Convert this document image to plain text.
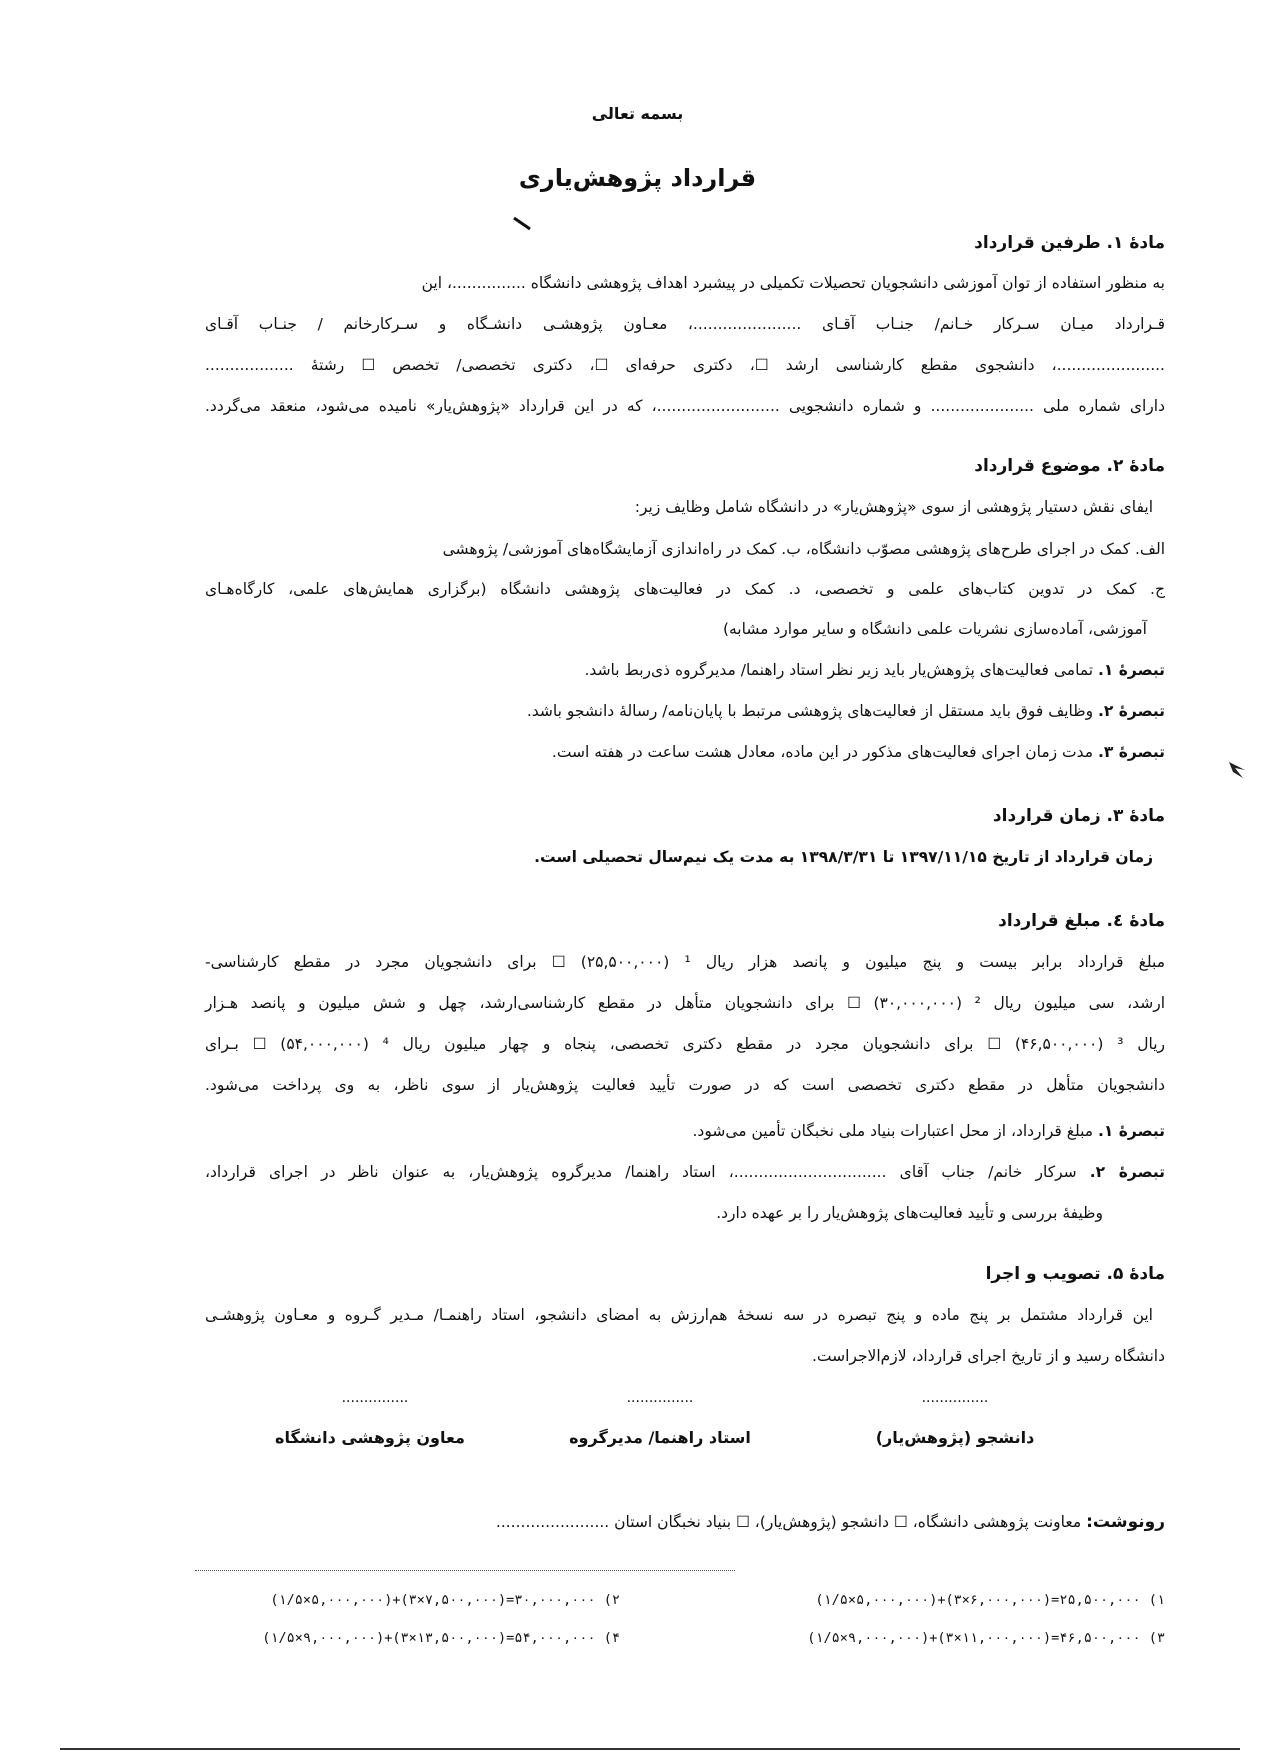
بسمه تعالی

قرارداد پژوهش‌یاری

مادهٔ ۱. طرفین قرارداد

به منظور استفاده از توان آموزشی دانشجویان تحصیلات تکمیلی در پیشبرد اهداف پژوهشی دانشگاه ...............، این

قـرارداد میـان سـرکار خـانم/ جنـاب آقـای ......................، معـاون پژوهشـی دانشـگاه و سـرکارخانم / جنـاب آقـای

......................، دانشجوی مقطع کارشناسی ارشد ☐، دکتری حرفه‌ای ☐، دکتری تخصصی/ تخصص ☐ رشتهٔ ..................

دارای شماره ملی ..................... و شماره دانشجویی .........................، که در این قرارداد «پژوهش‌یار» نامیده می‌شود، منعقد می‌گردد.

مادهٔ ۲. موضوع قرارداد

ایفای نقش دستیار پژوهشی از سوی «پژوهش‌یار» در دانشگاه شامل وظایف زیر:

الف. کمک در اجرای طرح‌های پژوهشی مصوّب دانشگاه، ب. کمک در راه‌اندازی آزمایشگاه‌های آموزشی/ پژوهشی

ج. کمک در تدوین کتاب‌های علمی و تخصصی، د. کمک در فعالیت‌های پژوهشی دانشگاه (برگزاری همایش‌های علمی، کارگاه‌هـای

آموزشی، آماده‌سازی نشریات علمی دانشگاه و سایر موارد مشابه)

تبصرهٔ ۱. تمامی فعالیت‌های پژوهش‌یار باید زیر نظر استاد راهنما/ مدیرگروه ذی‌ربط باشد.

تبصرهٔ ۲. وظایف فوق باید مستقل از فعالیت‌های پژوهشی مرتبط با پایان‌نامه/ رسالهٔ دانشجو باشد.

تبصرهٔ ۳. مدت زمان اجرای فعالیت‌های مذکور در این ماده، معادل هشت ساعت در هفته است.

مادهٔ ۳. زمان قرارداد

زمان قرارداد از تاریخ ۱۳۹۷/۱۱/۱۵ تا ۱۳۹۸/۳/۳۱ به مدت یک نیم‌سال تحصیلی است.

مادهٔ ٤. مبلغ قرارداد

مبلغ قرارداد برابر بیست و پنج میلیون و پانصد هزار ریال ¹ (۲۵,۵۰۰,۰۰۰) ☐ برای دانشجویان مجرد در مقطع کارشناسی-

ارشد، سی میلیون ریال ² (۳۰,۰۰۰,۰۰۰) ☐ برای دانشجویان متأهل در مقطع کارشناسی‌ارشد، چهل و شش میلیون و پانصد هـزار

ریال ³ (۴۶,۵۰۰,۰۰۰) ☐ برای دانشجویان مجرد در مقطع دکتری تخصصی، پنجاه و چهار میلیون ریال ⁴ (۵۴,۰۰۰,۰۰۰) ☐ بـرای

دانشجویان متأهل در مقطع دکتری تخصصی است که در صورت تأیید فعالیت پژوهش‌یار از سوی ناظر، به وی پرداخت می‌شود.

تبصرهٔ ۱. مبلغ قرارداد، از محل اعتبارات بنیاد ملی نخبگان تأمین می‌شود.

تبصرهٔ ۲. سرکار خانم/ جناب آقای ...............................، استاد راهنما/ مدیرگروه پژوهش‌یار، به عنوان ناظر در اجرای قرارداد،

وظیفهٔ بررسی و تأیید فعالیت‌های پژوهش‌یار را بر عهده دارد.

مادهٔ ۵. تصویب و اجرا

این قرارداد مشتمل بر پنج ماده و پنج تبصره در سه نسخهٔ هم‌ارزش به امضای دانشجو، استاد راهنمـا/ مـدیر گـروه و معـاون پژوهشـی

دانشگاه رسید و از تاریخ اجرای قرارداد، لازم‌الاجراست.

...............

...............

...............

دانشجو (پژوهش‌یار)

استاد راهنما/ مدیرگروه

معاون پژوهشی دانشگاه

رونوشت: معاونت پژوهشی دانشگاه، ☐ دانشجو (پژوهش‌یار)، ☐ بنیاد نخبگان استان .......................

۱) ۲۵,۵۰۰,۰۰۰=(۶,۰۰۰,۰۰۰×۳)+(۵,۰۰۰,۰۰۰×۱/۵)

۲) ۳۰,۰۰۰,۰۰۰=(۷,۵۰۰,۰۰۰×۳)+(۵,۰۰۰,۰۰۰×۱/۵)

۳) ۴۶,۵۰۰,۰۰۰=(۱۱,۰۰۰,۰۰۰×۳)+(۹,۰۰۰,۰۰۰×۱/۵)

۴) ۵۴,۰۰۰,۰۰۰=(۱۳,۵۰۰,۰۰۰×۳)+(۹,۰۰۰,۰۰۰×۱/۵)
